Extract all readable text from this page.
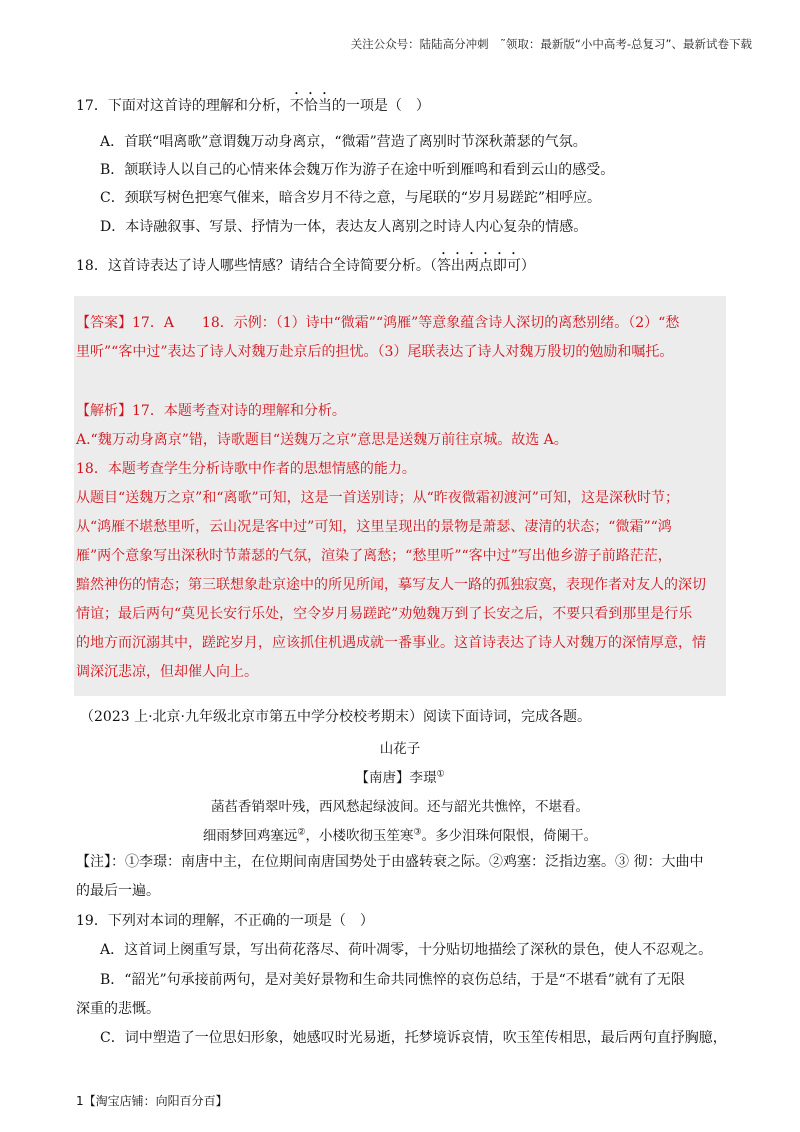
关注公众号：陆陆高分冲刺　˜领取：最新版“小中高考-总复习”、最新试卷下载
17．下面对这首诗的理解和分析，不恰当的一项是（　）
A．首联“唱离歌”意谓魏万动身离京，“微霜”营造了离别时节深秋萧瑟的气氛。
B．颔联诗人以自己的心情来体会魏万作为游子在途中听到雁鸣和看到云山的感受。
C．颈联写树色把寒气催来，暗含岁月不待之意，与尾联的“岁月易蹉跎”相呼应。
D．本诗融叙事、写景、抒情为一体，表达友人离别之时诗人内心复杂的情感。
18．这首诗表达了诗人哪些情感？请结合全诗简要分析。（答出两点即可）
【答案】17．A　　18．示例：（1）诗中“微霜”“鸿雁”等意象蕴含诗人深切的离愁别绪。（2）“愁
里听”“客中过”表达了诗人对魏万赴京后的担忧。（3）尾联表达了诗人对魏万殷切的勉励和嘱托。
【解析】17．本题考查对诗的理解和分析。
A.“魏万动身离京”错，诗歌题目“送魏万之京”意思是送魏万前往京城。故选 A。
18．本题考查学生分析诗歌中作者的思想情感的能力。
从题目“送魏万之京”和“离歌”可知，这是一首送别诗；从“昨夜微霜初渡河”可知，这是深秋时节；
从“鸿雁不堪愁里听，云山况是客中过”可知，这里呈现出的景物是萧瑟、凄清的状态；“微霜”“鸿
雁”两个意象写出深秋时节萧瑟的气氛，渲染了离愁；“愁里听”“客中过”写出他乡游子前路茫茫，
黯然神伤的情态；第三联想象赴京途中的所见所闻，摹写友人一路的孤独寂寞，表现作者对友人的深切
情谊；最后两句“莫见长安行乐处，空令岁月易蹉跎”劝勉魏万到了长安之后，不要只看到那里是行乐
的地方而沉溺其中，蹉跎岁月，应该抓住机遇成就一番事业。这首诗表达了诗人对魏万的深情厚意，情
调深沉悲凉，但却催人向上。
（2023 上·北京·九年级北京市第五中学分校校考期末）阅读下面诗词，完成各题。
山花子
【南唐】李璟①
菡萏香销翠叶残，西风愁起绿波间。还与韶光共憔悴，不堪看。
细雨梦回鸡塞远②，小楼吹彻玉笙寒③。多少泪珠何限恨，倚阑干。
【注】：①李璟：南唐中主，在位期间南唐国势处于由盛转衰之际。②鸡塞：泛指边塞。③ 彻：大曲中
的最后一遍。
19．下列对本词的理解，不正确的一项是（　）
A．这首词上阕重写景，写出荷花落尽、荷叶凋零，十分贴切地描绘了深秋的景色，使人不忍观之。
B．“韶光”句承接前两句，是对美好景物和生命共同憔悴的哀伤总结，于是“不堪看”就有了无限
深重的悲慨。
C．词中塑造了一位思妇形象，她感叹时光易逝，托梦境诉哀情，吹玉笙传相思，最后两句直抒胸臆，
1【淘宝店铺：向阳百分百】
